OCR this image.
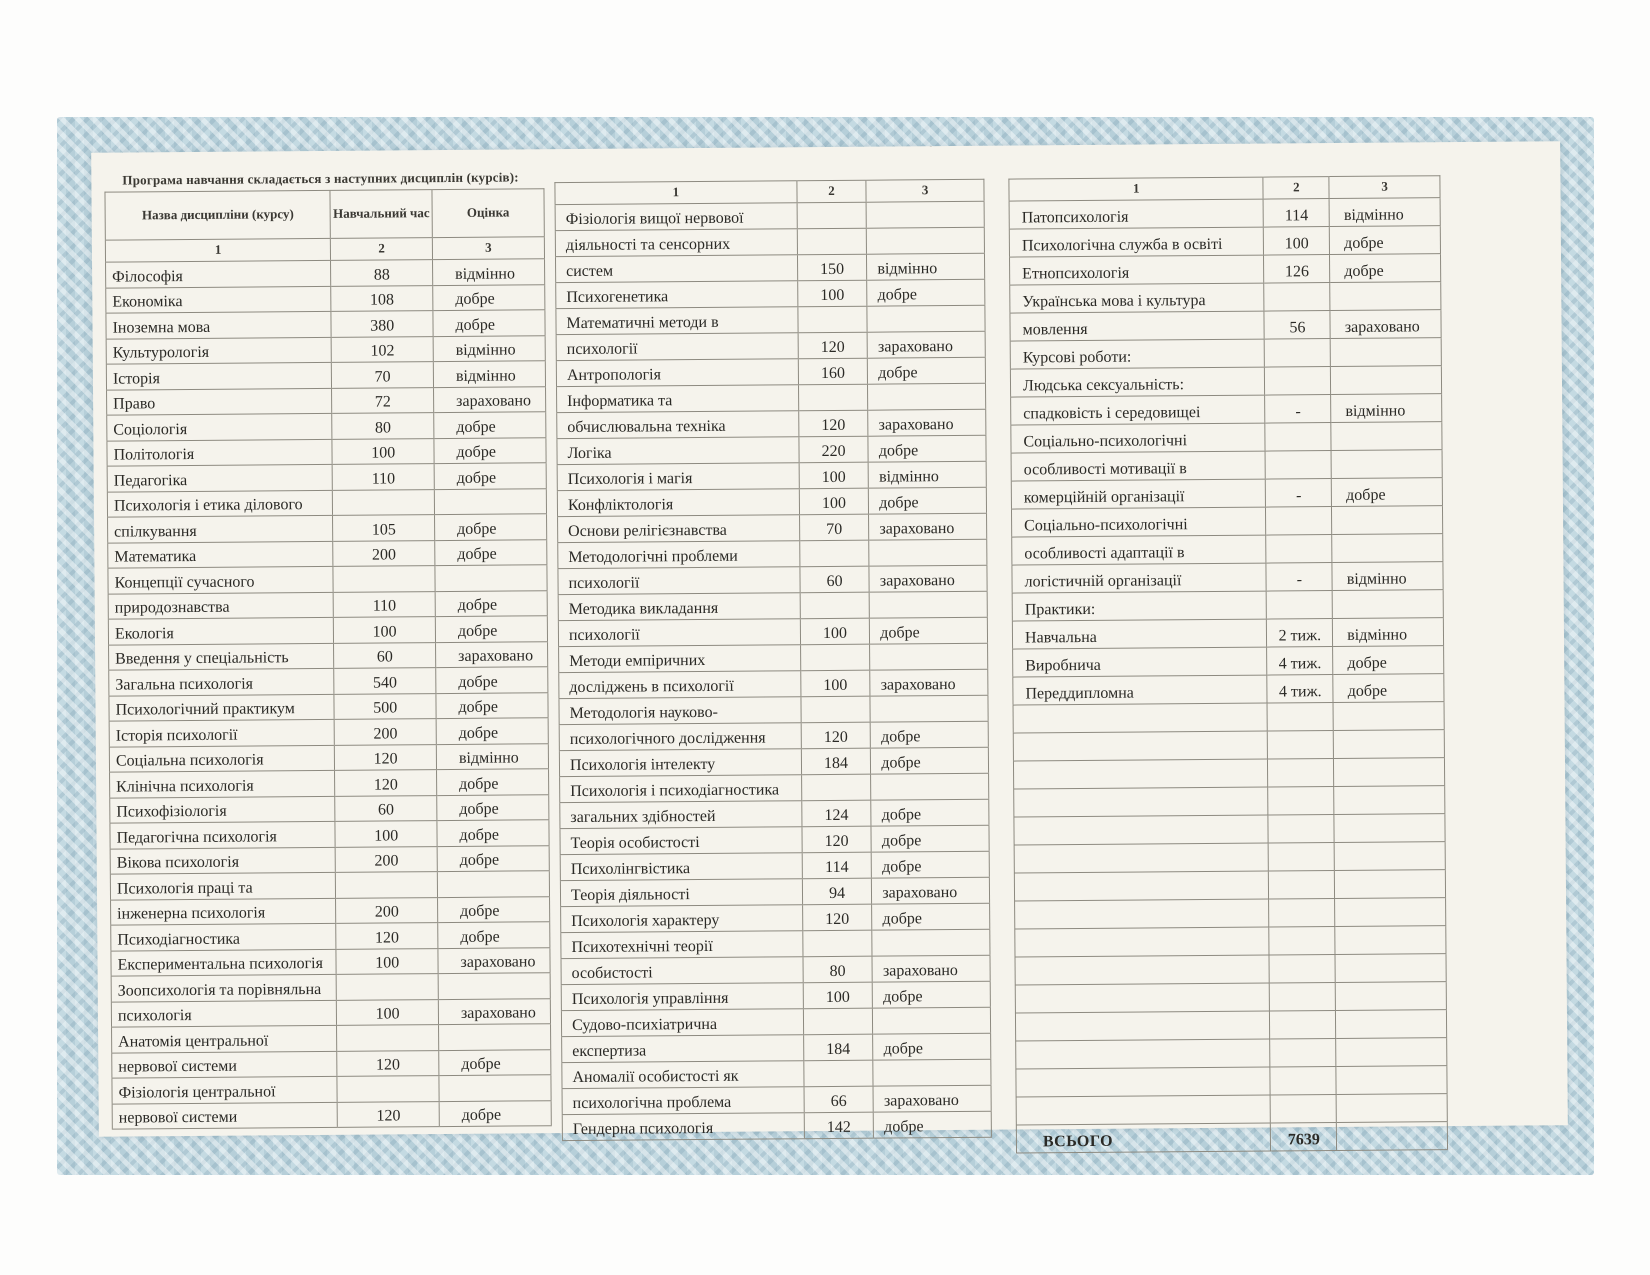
Програма навчання складається з наступних дисциплін (курсів):
Назва дисципліни (курсу)	Навчальний час	Оцінка
1	2	3
Філософія	88	відмінно
Економіка	108	добре
Іноземна мова	380	добре
Культурологія	102	відмінно
Історія	70	відмінно
Право	72	зараховано
Соціологія	80	добре
Політологія	100	добре
Педагогіка	110	добре
Психологія і етика ділового		
спілкування	105	добре
Математика	200	добре
Концепції сучасного		
природознавства	110	добре
Екологія	100	добре
Введення у спеціальність	60	зараховано
Загальна психологія	540	добре
Психологічний практикум	500	добре
Історія психології	200	добре
Соціальна психологія	120	відмінно
Клінічна психологія	120	добре
Психофізіологія	60	добре
Педагогічна психологія	100	добре
Вікова психологія	200	добре
Психологія праці та		
інженерна психологія	200	добре
Психодіагностика	120	добре
Експериментальна психологія	100	зараховано
Зоопсихологія та порівняльна		
психологія	100	зараховано
Анатомія центральної		
нервової системи	120	добре
Фізіологія центральної		
нервової системи	120	добре
1	2	3
Фізіологія вищої нервової		
діяльності та сенсорних		
систем	150	відмінно
Психогенетика	100	добре
Математичні методи в		
психології	120	зараховано
Антропологія	160	добре
Інформатика та		
обчислювальна техніка	120	зараховано
Логіка	220	добре
Психологія і магія	100	відмінно
Конфліктологія	100	добре
Основи релігієзнавства	70	зараховано
Методологічні проблеми		
психології	60	зараховано
Методика викладання		
психології	100	добре
Методи емпіричних		
досліджень в психології	100	зараховано
Методологія науково-		
психологічного дослідження	120	добре
Психологія інтелекту	184	добре
Психологія і психодіагностика		
загальних здібностей	124	добре
Теорія особистості	120	добре
Психолінгвістика	114	добре
Теорія діяльності	94	зараховано
Психологія характеру	120	добре
Психотехнічні теорії		
особистості	80	зараховано
Психологія управління	100	добре
Судово-психіатрична		
експертиза	184	добре
Аномалії особистості як		
психологічна проблема	66	зараховано
Гендерна психологія	142	добре
1	2	3
Патопсихологія	114	відмінно
Психологічна служба в освіті	100	добре
Етнопсихологія	126	добре
Українська мова і культура		
мовлення	56	зараховано
Курсові роботи:		
Людська сексуальність:		
спадковість і середовищеі	-	відмінно
Соціально-психологічні		
особливості мотивації в		
комерційній організації	-	добре
Соціально-психологічні		
особливості адаптації в		
логістичній організації	-	відмінно
Практики:		
Навчальна	2 тиж.	відмінно
Виробнича	4 тиж.	добре
Переддипломна	4 тиж.	добре

ВСЬОГО	7639	
